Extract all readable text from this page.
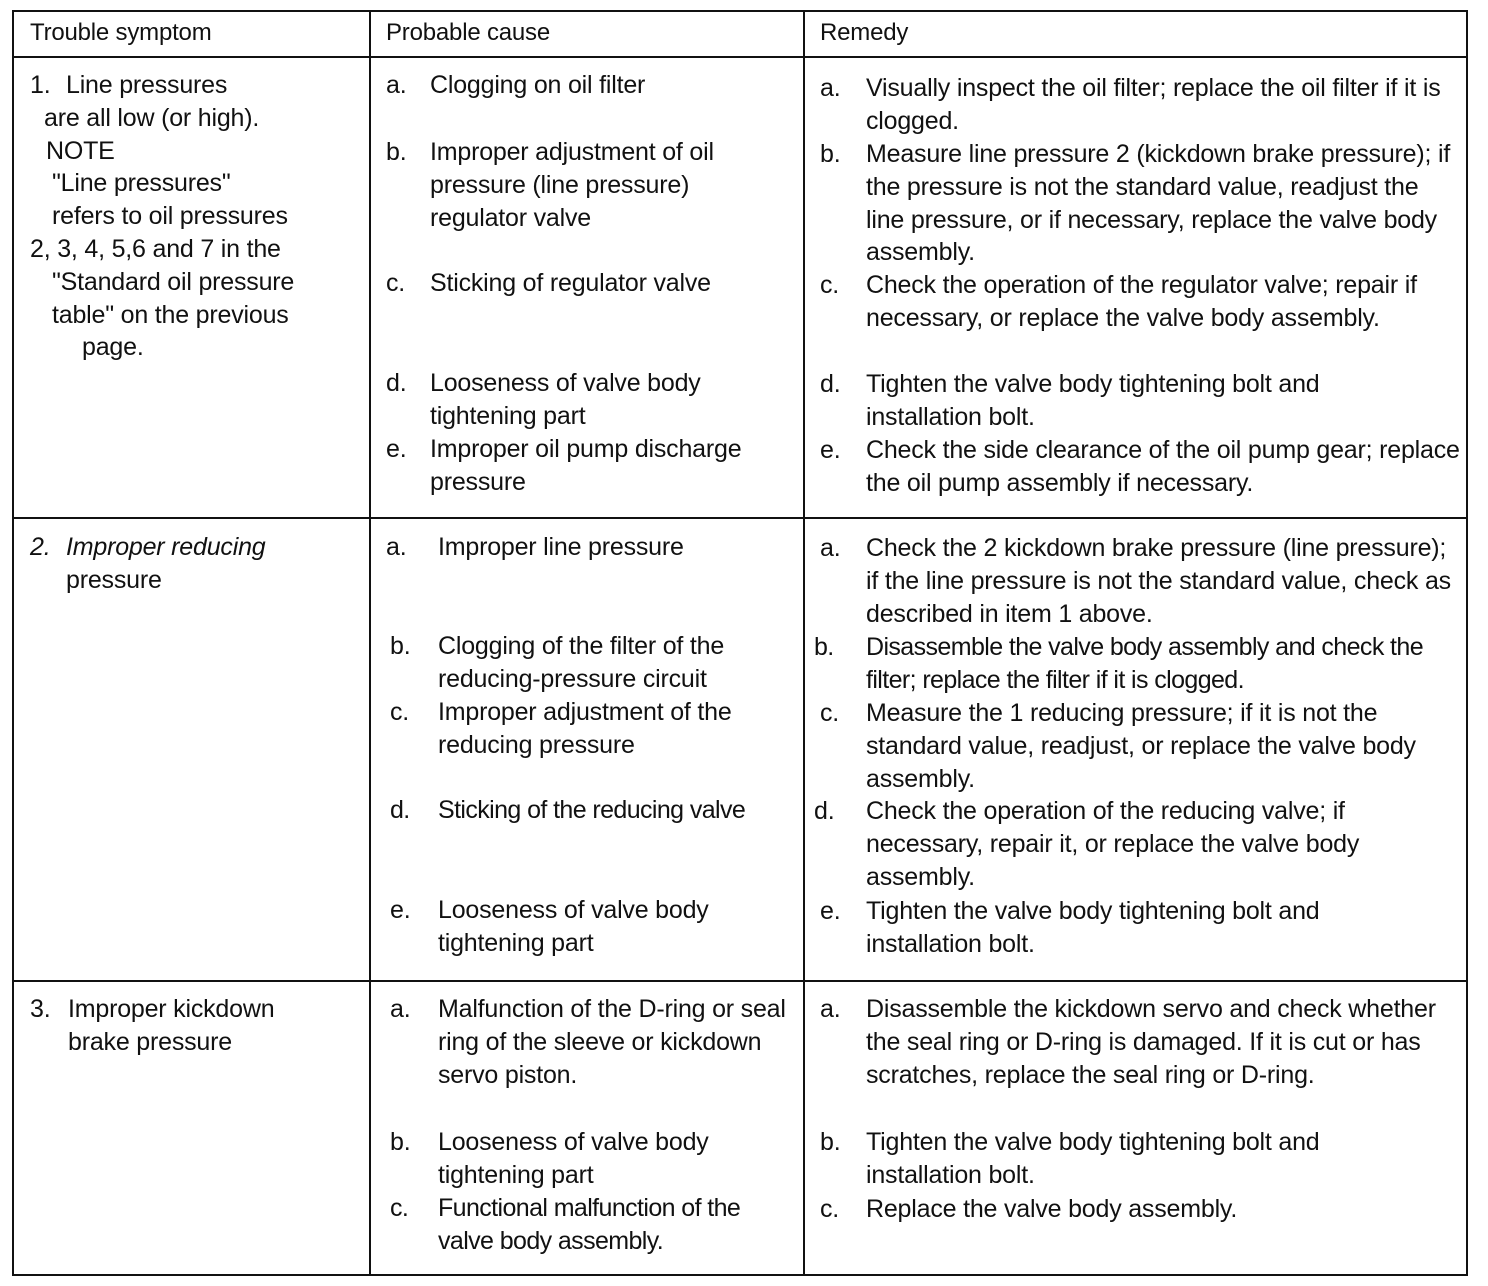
Trouble symptom	Probable cause	Remedy
1. Line pressures
are all low (or high).
NOTE
"Line pressures"
refers to oil pressures
2, 3, 4, 5,6 and 7 in the
"Standard oil pressure
table" on the previous
page.
a. Clogging on oil filter
b. Improper adjustment of oil pressure (line pressure) regulator valve
c. Sticking of regulator valve
d. Looseness of valve body tightening part
e. Improper oil pump discharge pressure
a. Visually inspect the oil filter; replace the oil filter if it is clogged.
b. Measure line pressure 2 (kickdown brake pressure); if the pressure is not the standard value, readjust the line pressure, or if necessary, replace the valve body assembly.
c. Check the operation of the regulator valve; repair if necessary, or replace the valve body assembly.
d. Tighten the valve body tightening bolt and installation bolt.
e. Check the side clearance of the oil pump gear; replace the oil pump assembly if necessary.
2. Improper reducing
pressure
a. Improper line pressure
b. Clogging of the filter of the reducing-pressure circuit
c. Improper adjustment of the reducing pressure
d. Sticking of the reducing valve
e. Looseness of valve body tightening part
a. Check the 2 kickdown brake pressure (line pressure); if the line pressure is not the standard value, check as described in item 1 above.
b. Disassemble the valve body assembly and check the filter; replace the filter if it is clogged.
c. Measure the 1 reducing pressure; if it is not the standard value, readjust, or replace the valve body assembly.
d. Check the operation of the reducing valve; if necessary, repair it, or replace the valve body assembly.
e. Tighten the valve body tightening bolt and installation bolt.
3. Improper kickdown
brake pressure
a. Malfunction of the D-ring or seal ring of the sleeve or kickdown servo piston.
b. Looseness of valve body tightening part
c. Functional malfunction of the valve body assembly.
a. Disassemble the kickdown servo and check whether the seal ring or D-ring is damaged. If it is cut or has scratches, replace the seal ring or D-ring.
b. Tighten the valve body tightening bolt and installation bolt.
c. Replace the valve body assembly.
